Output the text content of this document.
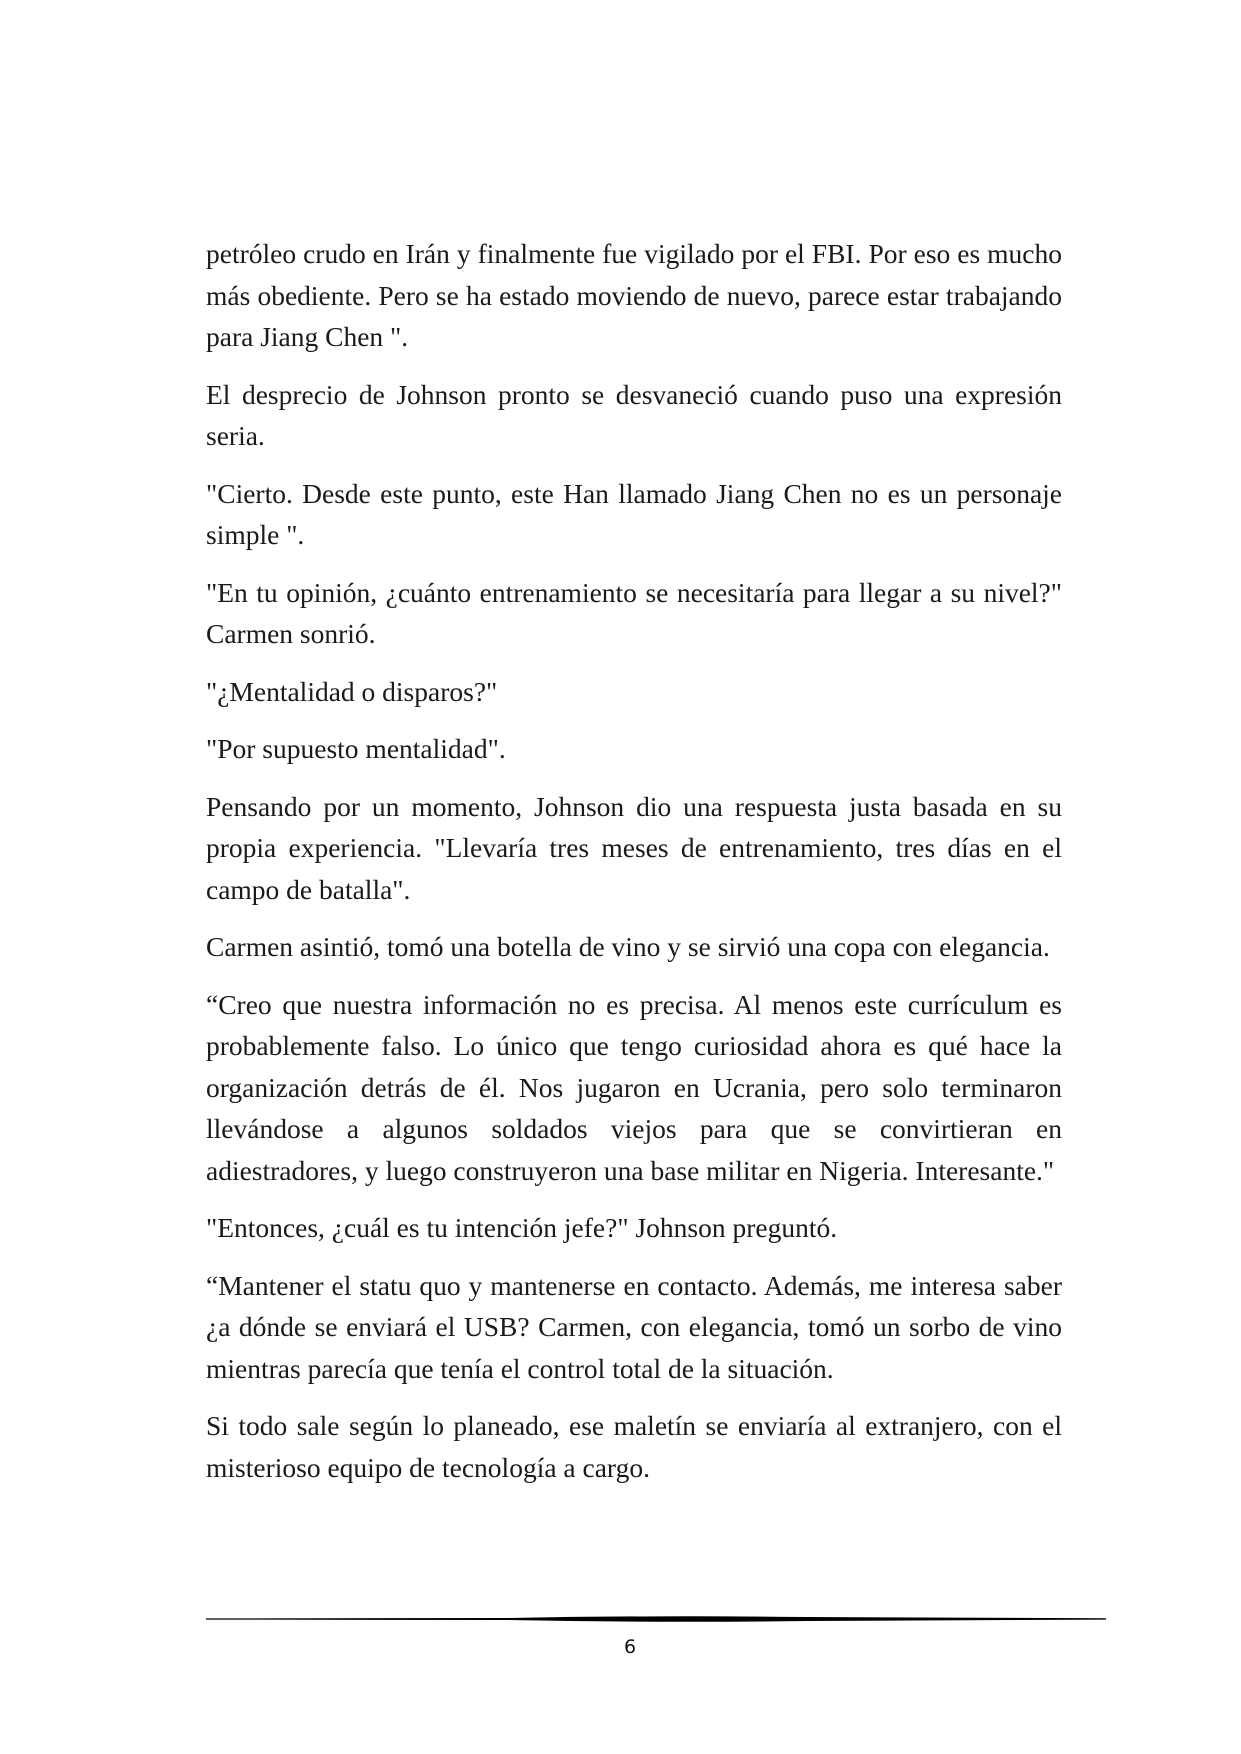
petróleo crudo en Irán y finalmente fue vigilado por el FBI. Por eso es mucho más obediente. Pero se ha estado moviendo de nuevo, parece estar trabajando para Jiang Chen ".

El desprecio de Johnson pronto se desvaneció cuando puso una expresión seria.

"Cierto. Desde este punto, este Han llamado Jiang Chen no es un personaje simple ".

"En tu opinión, ¿cuánto entrenamiento se necesitaría para llegar a su nivel?" Carmen sonrió.

"¿Mentalidad o disparos?"

"Por supuesto mentalidad".

Pensando por un momento, Johnson dio una respuesta justa basada en su propia experiencia. "Llevaría tres meses de entrenamiento, tres días en el campo de batalla".

Carmen asintió, tomó una botella de vino y se sirvió una copa con elegancia.

“Creo que nuestra información no es precisa. Al menos este currículum es probablemente falso. Lo único que tengo curiosidad ahora es qué hace la organización detrás de él. Nos jugaron en Ucrania, pero solo terminaron llevándose a algunos soldados viejos para que se convirtieran en adiestradores, y luego construyeron una base militar en Nigeria. Interesante."

"Entonces, ¿cuál es tu intención jefe?" Johnson preguntó.

“Mantener el statu quo y mantenerse en contacto. Además, me interesa saber ¿a dónde se enviará el USB? Carmen, con elegancia, tomó un sorbo de vino mientras parecía que tenía el control total de la situación.

Si todo sale según lo planeado, ese maletín se enviaría al extranjero, con el misterioso equipo de tecnología a cargo.

6
